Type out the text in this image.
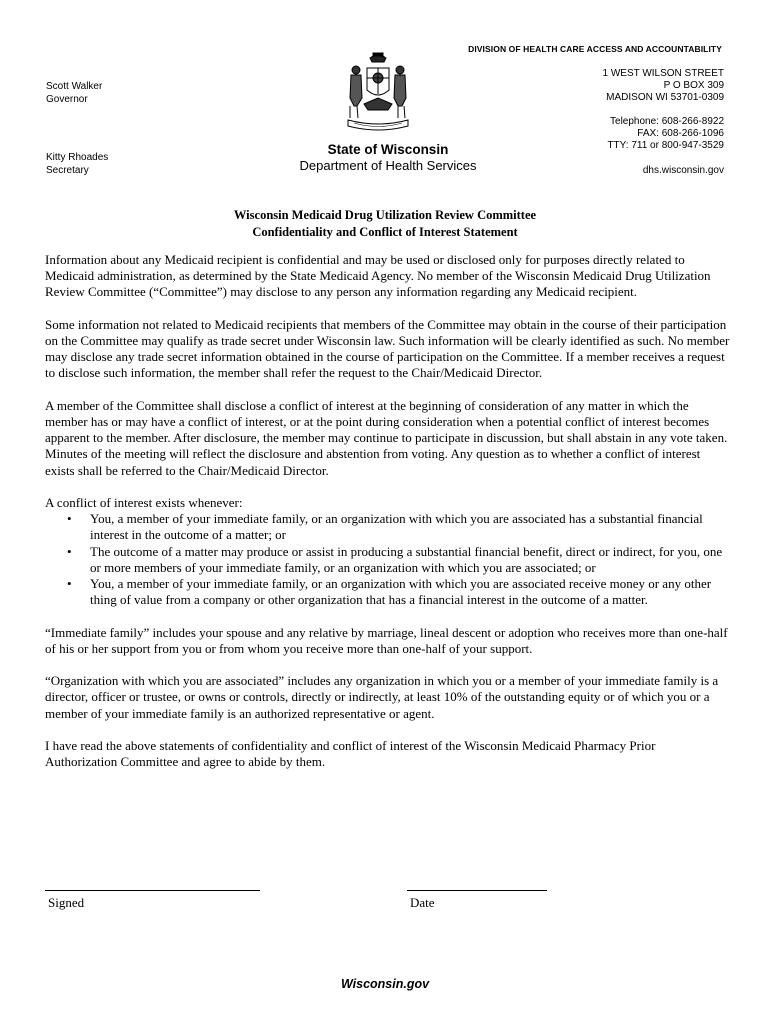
DIVISION OF HEALTH CARE ACCESS AND ACCOUNTABILITY
Scott Walker
Governor
Kitty Rhoades
Secretary
1 WEST WILSON STREET
P O BOX 309
MADISON WI 53701-0309
Telephone: 608-266-8922
FAX: 608-266-1096
TTY: 711 or 800-947-3529
dhs.wisconsin.gov
State of Wisconsin
Department of Health Services
Wisconsin Medicaid Drug Utilization Review Committee
Confidentiality and Conflict of Interest Statement

Information about any Medicaid recipient is confidential and may be used or disclosed only for purposes directly related to Medicaid administration, as determined by the State Medicaid Agency. No member of the Wisconsin Medicaid Drug Utilization Review Committee (“Committee”) may disclose to any person any information regarding any Medicaid recipient.

Some information not related to Medicaid recipients that members of the Committee may obtain in the course of their participation on the Committee may qualify as trade secret under Wisconsin law. Such information will be clearly identified as such. No member may disclose any trade secret information obtained in the course of participation on the Committee. If a member receives a request to disclose such information, the member shall refer the request to the Chair/Medicaid Director.

A member of the Committee shall disclose a conflict of interest at the beginning of consideration of any matter in which the member has or may have a conflict of interest, or at the point during consideration when a potential conflict of interest becomes apparent to the member. After disclosure, the member may continue to participate in discussion, but shall abstain in any vote taken. Minutes of the meeting will reflect the disclosure and abstention from voting. Any question as to whether a conflict of interest exists shall be referred to the Chair/Medicaid Director.

A conflict of interest exists whenever:
• You, a member of your immediate family, or an organization with which you are associated has a substantial financial interest in the outcome of a matter; or
• The outcome of a matter may produce or assist in producing a substantial financial benefit, direct or indirect, for you, one or more members of your immediate family, or an organization with which you are associated; or
• You, a member of your immediate family, or an organization with which you are associated receive money or any other thing of value from a company or other organization that has a financial interest in the outcome of a matter.

“Immediate family” includes your spouse and any relative by marriage, lineal descent or adoption who receives more than one-half of his or her support from you or from whom you receive more than one-half of your support.

“Organization with which you are associated” includes any organization in which you or a member of your immediate family is a director, officer or trustee, or owns or controls, directly or indirectly, at least 10% of the outstanding equity or of which you or a member of your immediate family is an authorized representative or agent.

I have read the above statements of confidentiality and conflict of interest of the Wisconsin Medicaid Pharmacy Prior Authorization Committee and agree to abide by them.

Signed	Date
Wisconsin.gov
